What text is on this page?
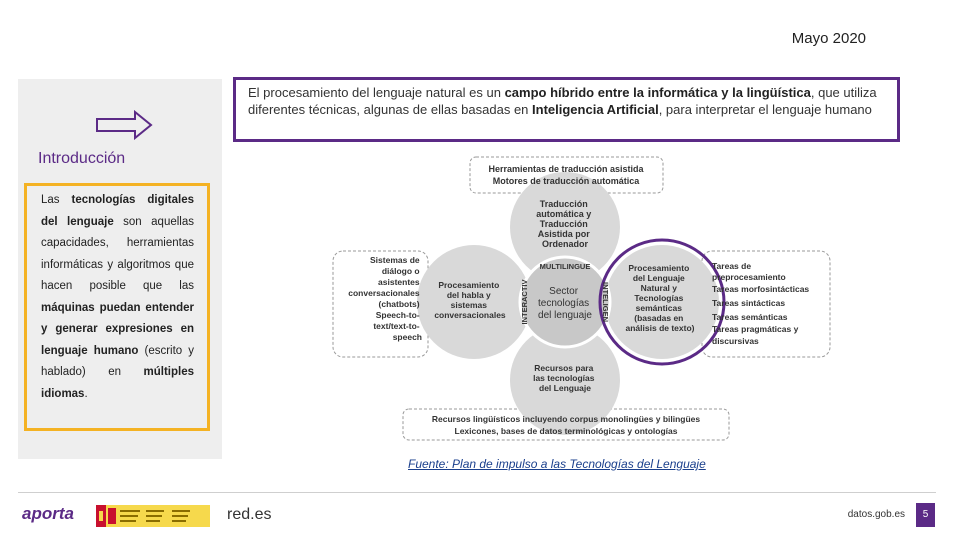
Mayo 2020
Introducción
Las tecnologías digitales del lenguaje son aquellas capacidades, herramientas informáticas y algoritmos que hacen posible que las máquinas puedan entender y generar expresiones en lenguaje humano (escrito y hablado) en múltiples idiomas.
El procesamiento del lenguaje natural es un campo híbrido entre la informática y la lingüística, que utiliza diferentes técnicas, algunas de ellas basadas en Inteligencia Artificial, para interpretar el lenguaje humano
Herramientas de traducción asistida
Motores de traducción automática
Traducción automática y Traducción Asistida por Ordenador
Sistemas de diálogo o asistentes conversacionales (chatbots) Speech-to- text/text-to- speech
Procesamiento del habla y sistemas conversacionales
MULTILINGUE
INTERACTIV	INTELIGEN
Sector tecnologías del lenguaje
Procesamiento del Lenguaje Natural y Tecnologías semánticas (basadas en análisis de texto)
Tareas de preprocesamiento Tareas morfosintácticas Tareas sintácticas Tareas semánticas Tareas pragmáticas y discursivas
Recursos para las tecnologías del Lenguaje
Recursos lingüísticos incluyendo corpus monolingües y bilingües
Lexicones, bases de datos terminológicas y ontologías
Fuente: Plan de impulso a las Tecnologías del Lenguaje
aporta	red.es	datos.gob.es	5
